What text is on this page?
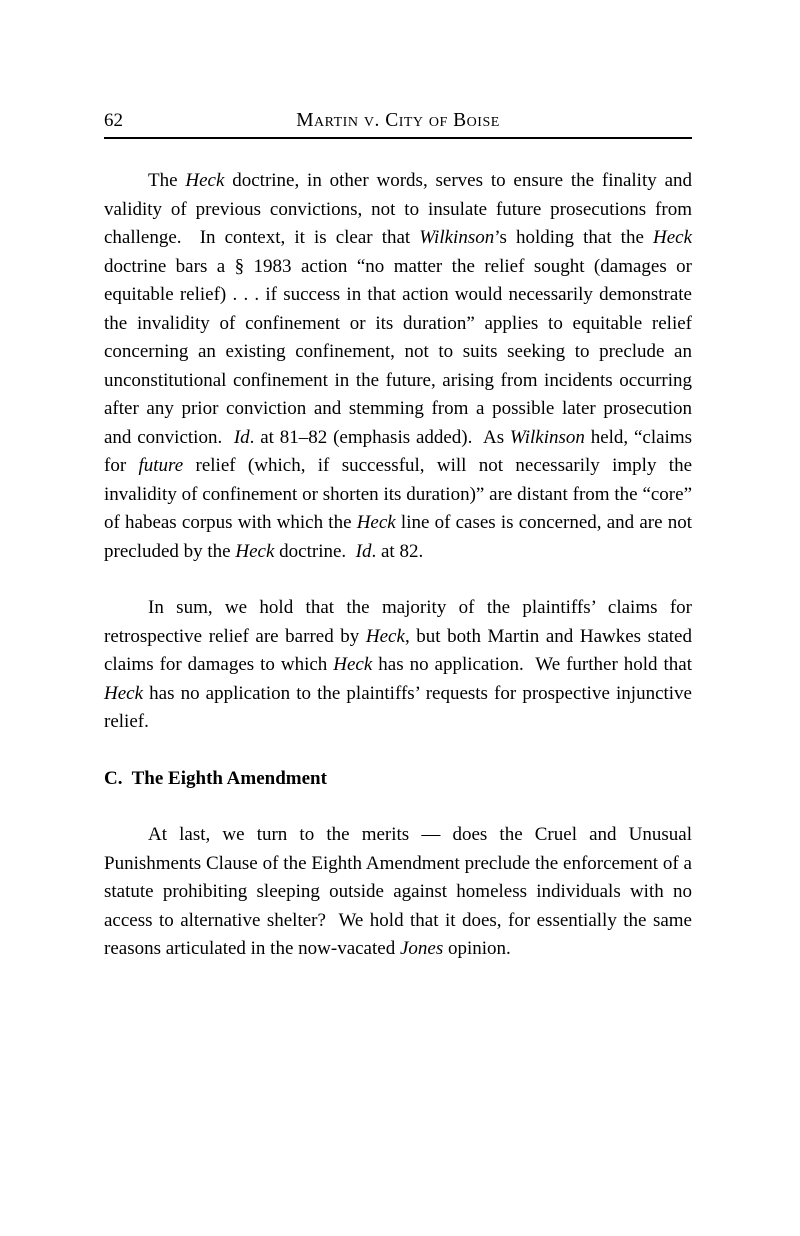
62	Martin v. City of Boise

The Heck doctrine, in other words, serves to ensure the finality and validity of previous convictions, not to insulate future prosecutions from challenge.  In context, it is clear that Wilkinson’s holding that the Heck doctrine bars a § 1983 action “no matter the relief sought (damages or equitable relief) . . . if success in that action would necessarily demonstrate the invalidity of confinement or its duration” applies to equitable relief concerning an existing confinement, not to suits seeking to preclude an unconstitutional confinement in the future, arising from incidents occurring after any prior conviction and stemming from a possible later prosecution and conviction.  Id. at 81–82 (emphasis added).  As Wilkinson held, “claims for future relief (which, if successful, will not necessarily imply the invalidity of confinement or shorten its duration)” are distant from the “core” of habeas corpus with which the Heck line of cases is concerned, and are not precluded by the Heck doctrine.  Id. at 82.

In sum, we hold that the majority of the plaintiffs’ claims for retrospective relief are barred by Heck, but both Martin and Hawkes stated claims for damages to which Heck has no application.  We further hold that Heck has no application to the plaintiffs’ requests for prospective injunctive relief.

C.  The Eighth Amendment

At last, we turn to the merits — does the Cruel and Unusual Punishments Clause of the Eighth Amendment preclude the enforcement of a statute prohibiting sleeping outside against homeless individuals with no access to alternative shelter?  We hold that it does, for essentially the same reasons articulated in the now-vacated Jones opinion.
